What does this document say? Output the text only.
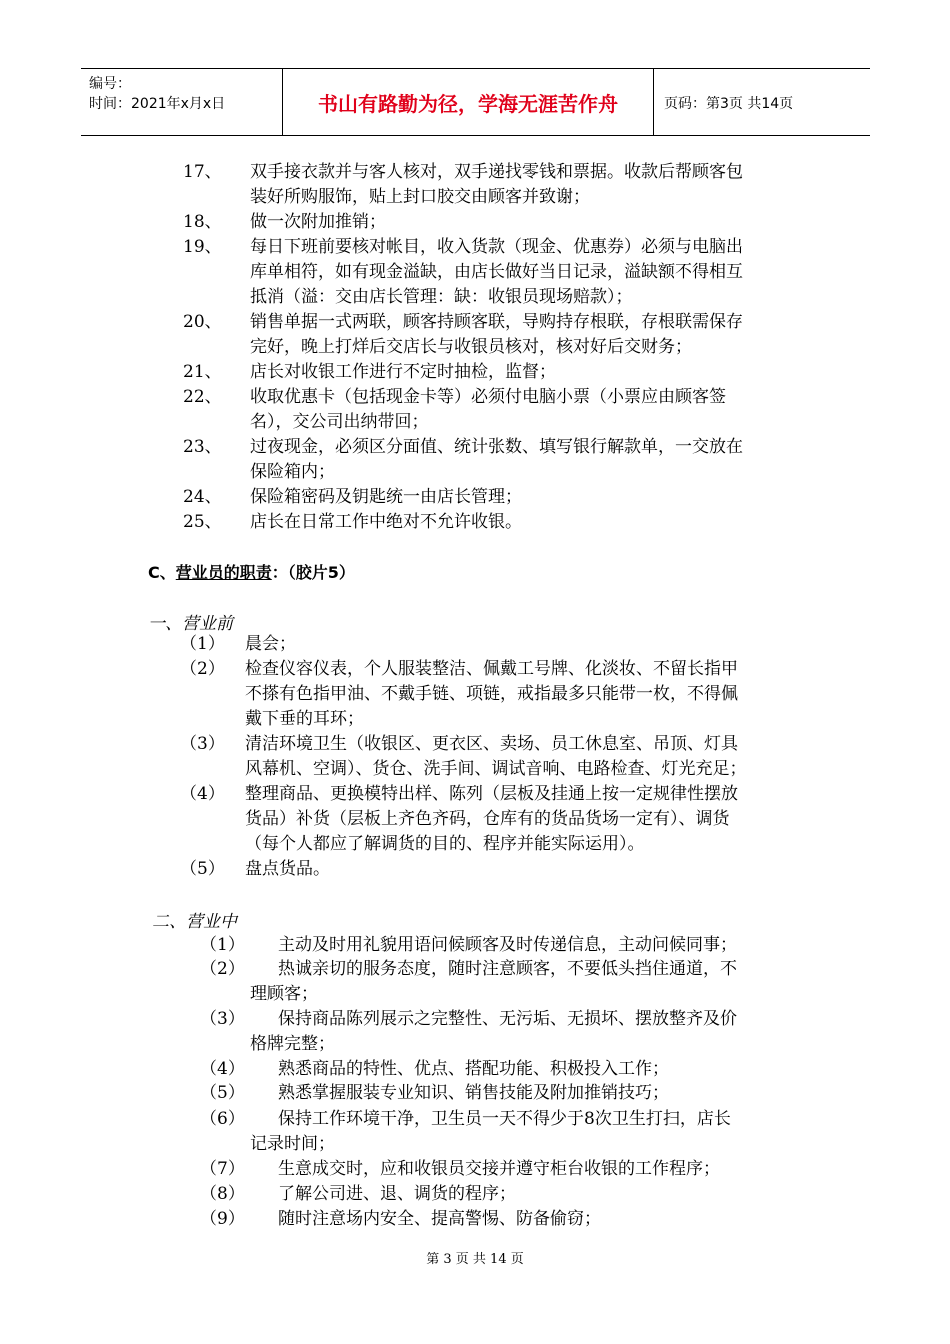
编号：
时间：2021年x月x日	书山有路勤为径，学海无涯苦作舟	页码：第3页 共14页
17、 双手接衣款并与客人核对，双手递找零钱和票据。收款后帮顾客包
装好所购服饰，贴上封口胶交由顾客并致谢；
18、 做一次附加推销；
19、 每日下班前要核对帐目，收入货款（现金、优惠券）必须与电脑出
库单相符，如有现金溢缺，由店长做好当日记录，溢缺额不得相互
抵消（溢：交由店长管理：缺：收银员现场赔款）；
20、 销售单据一式两联，顾客持顾客联，导购持存根联，存根联需保存
完好，晚上打烊后交店长与收银员核对，核对好后交财务；
21、 店长对收银工作进行不定时抽检，监督；
22、 收取优惠卡（包括现金卡等）必须付电脑小票（小票应由顾客签
名），交公司出纳带回；
23、 过夜现金，必须区分面值、统计张数、填写银行解款单，一交放在
保险箱内；
24、 保险箱密码及钥匙统一由店长管理；
25、 店长在日常工作中绝对不允许收银。
C、营业员的职责：（胶片5）
一、营业前
（1） 晨会；
（2） 检查仪容仪表，个人服装整洁、佩戴工号牌、化淡妆、不留长指甲
不搽有色指甲油、不戴手链、项链，戒指最多只能带一枚，不得佩
戴下垂的耳环；
（3） 清洁环境卫生（收银区、更衣区、卖场、员工休息室、吊顶、灯具
风幕机、空调）、货仓、洗手间、调试音响、电路检查、灯光充足；
（4） 整理商品、更换模特出样、陈列（层板及挂通上按一定规律性摆放
货品）补货（层板上齐色齐码，仓库有的货品货场一定有）、调货
（每个人都应了解调货的目的、程序并能实际运用）。
（5） 盘点货品。
二、营业中
（1） 主动及时用礼貌用语问候顾客及时传递信息，主动问候同事；
（2） 热诚亲切的服务态度，随时注意顾客，不要低头挡住通道，不
理顾客；
（3） 保持商品陈列展示之完整性、无污垢、无损坏、摆放整齐及价
格牌完整；
（4） 熟悉商品的特性、优点、搭配功能、积极投入工作；
（5） 熟悉掌握服装专业知识、销售技能及附加推销技巧；
（6） 保持工作环境干净，卫生员一天不得少于8次卫生打扫，店长
记录时间；
（7） 生意成交时，应和收银员交接并遵守柜台收银的工作程序；
（8） 了解公司进、退、调货的程序；
（9） 随时注意场内安全、提高警惕、防备偷窃；
第 3 页 共 14 页
